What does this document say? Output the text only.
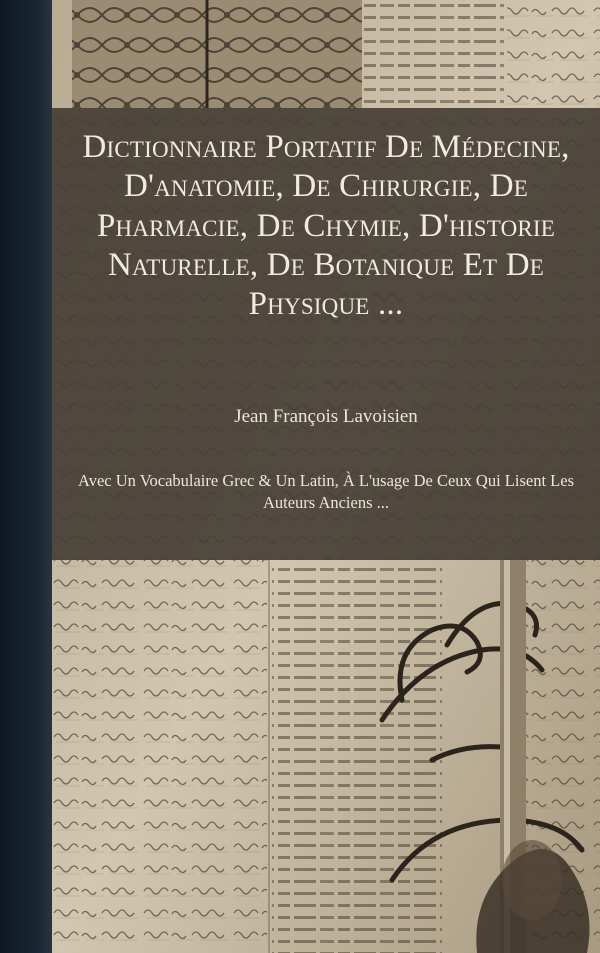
Dictionnaire Portatif De Médecine, D'anatomie, De Chirurgie, De Pharmacie, De Chymie, D'historie Naturelle, De Botanique Et De Physique ...
Jean François Lavoisien
Avec Un Vocabulaire Grec & Un Latin, À L'usage De Ceux Qui Lisent Les Auteurs Anciens ...
